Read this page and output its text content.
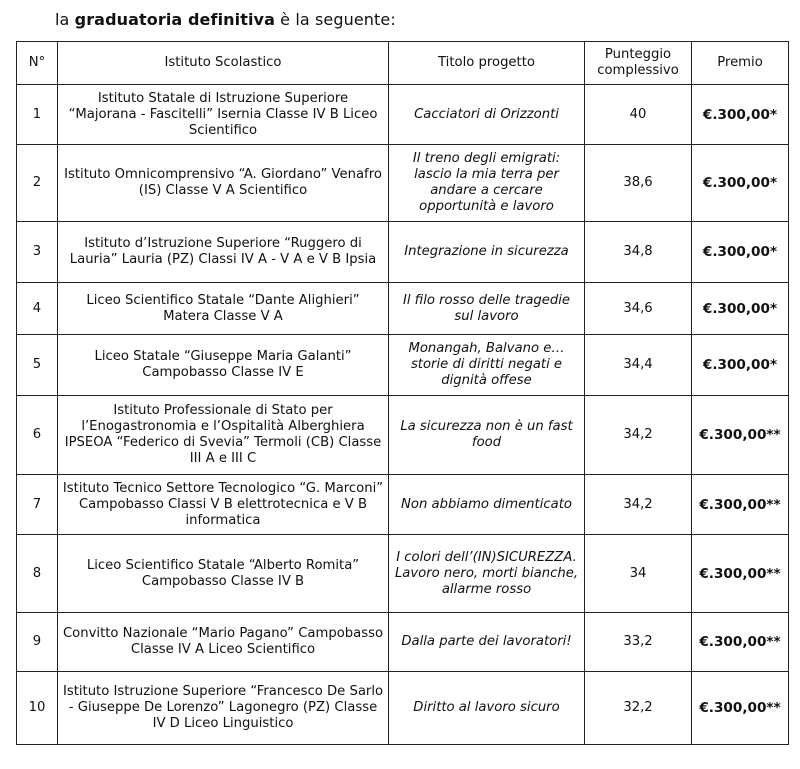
la graduatoria definitiva è la seguente:
N°	Istituto Scolastico	Titolo progetto	Punteggio complessivo	Premio
1	Istituto Statale di Istruzione Superiore “Majorana - Fascitelli” Isernia Classe IV B Liceo Scientifico	Cacciatori di Orizzonti	40	€.300,00*
2	Istituto Omnicomprensivo “A. Giordano” Venafro (IS) Classe V A Scientifico	Il treno degli emigrati: lascio la mia terra per andare a cercare opportunità e lavoro	38,6	€.300,00*
3	Istituto d’Istruzione Superiore “Ruggero di Lauria” Lauria (PZ) Classi IV A - V A e V B Ipsia	Integrazione in sicurezza	34,8	€.300,00*
4	Liceo Scientifico Statale “Dante Alighieri” Matera Classe V A	Il filo rosso delle tragedie sul lavoro	34,6	€.300,00*
5	Liceo Statale “Giuseppe Maria Galanti” Campobasso Classe IV E	Monangah, Balvano e…storie di diritti negati e dignità offese	34,4	€.300,00*
6	Istituto Professionale di Stato per l’Enogastronomia e l’Ospitalità Alberghiera IPSEOA “Federico di Svevia” Termoli (CB) Classe III A e III C	La sicurezza non è un fast food	34,2	€.300,00**
7	Istituto Tecnico Settore Tecnologico “G. Marconi” Campobasso Classi V B elettrotecnica e V B informatica	Non abbiamo dimenticato	34,2	€.300,00**
8	Liceo Scientifico Statale “Alberto Romita” Campobasso Classe IV B	I colori dell’(IN)SICUREZZA. Lavoro nero, morti bianche, allarme rosso	34	€.300,00**
9	Convitto Nazionale “Mario Pagano” Campobasso Classe IV A Liceo Scientifico	Dalla parte dei lavoratori!	33,2	€.300,00**
10	Istituto Istruzione Superiore “Francesco De Sarlo - Giuseppe De Lorenzo” Lagonegro (PZ) Classe IV D Liceo Linguistico	Diritto al lavoro sicuro	32,2	€.300,00**
